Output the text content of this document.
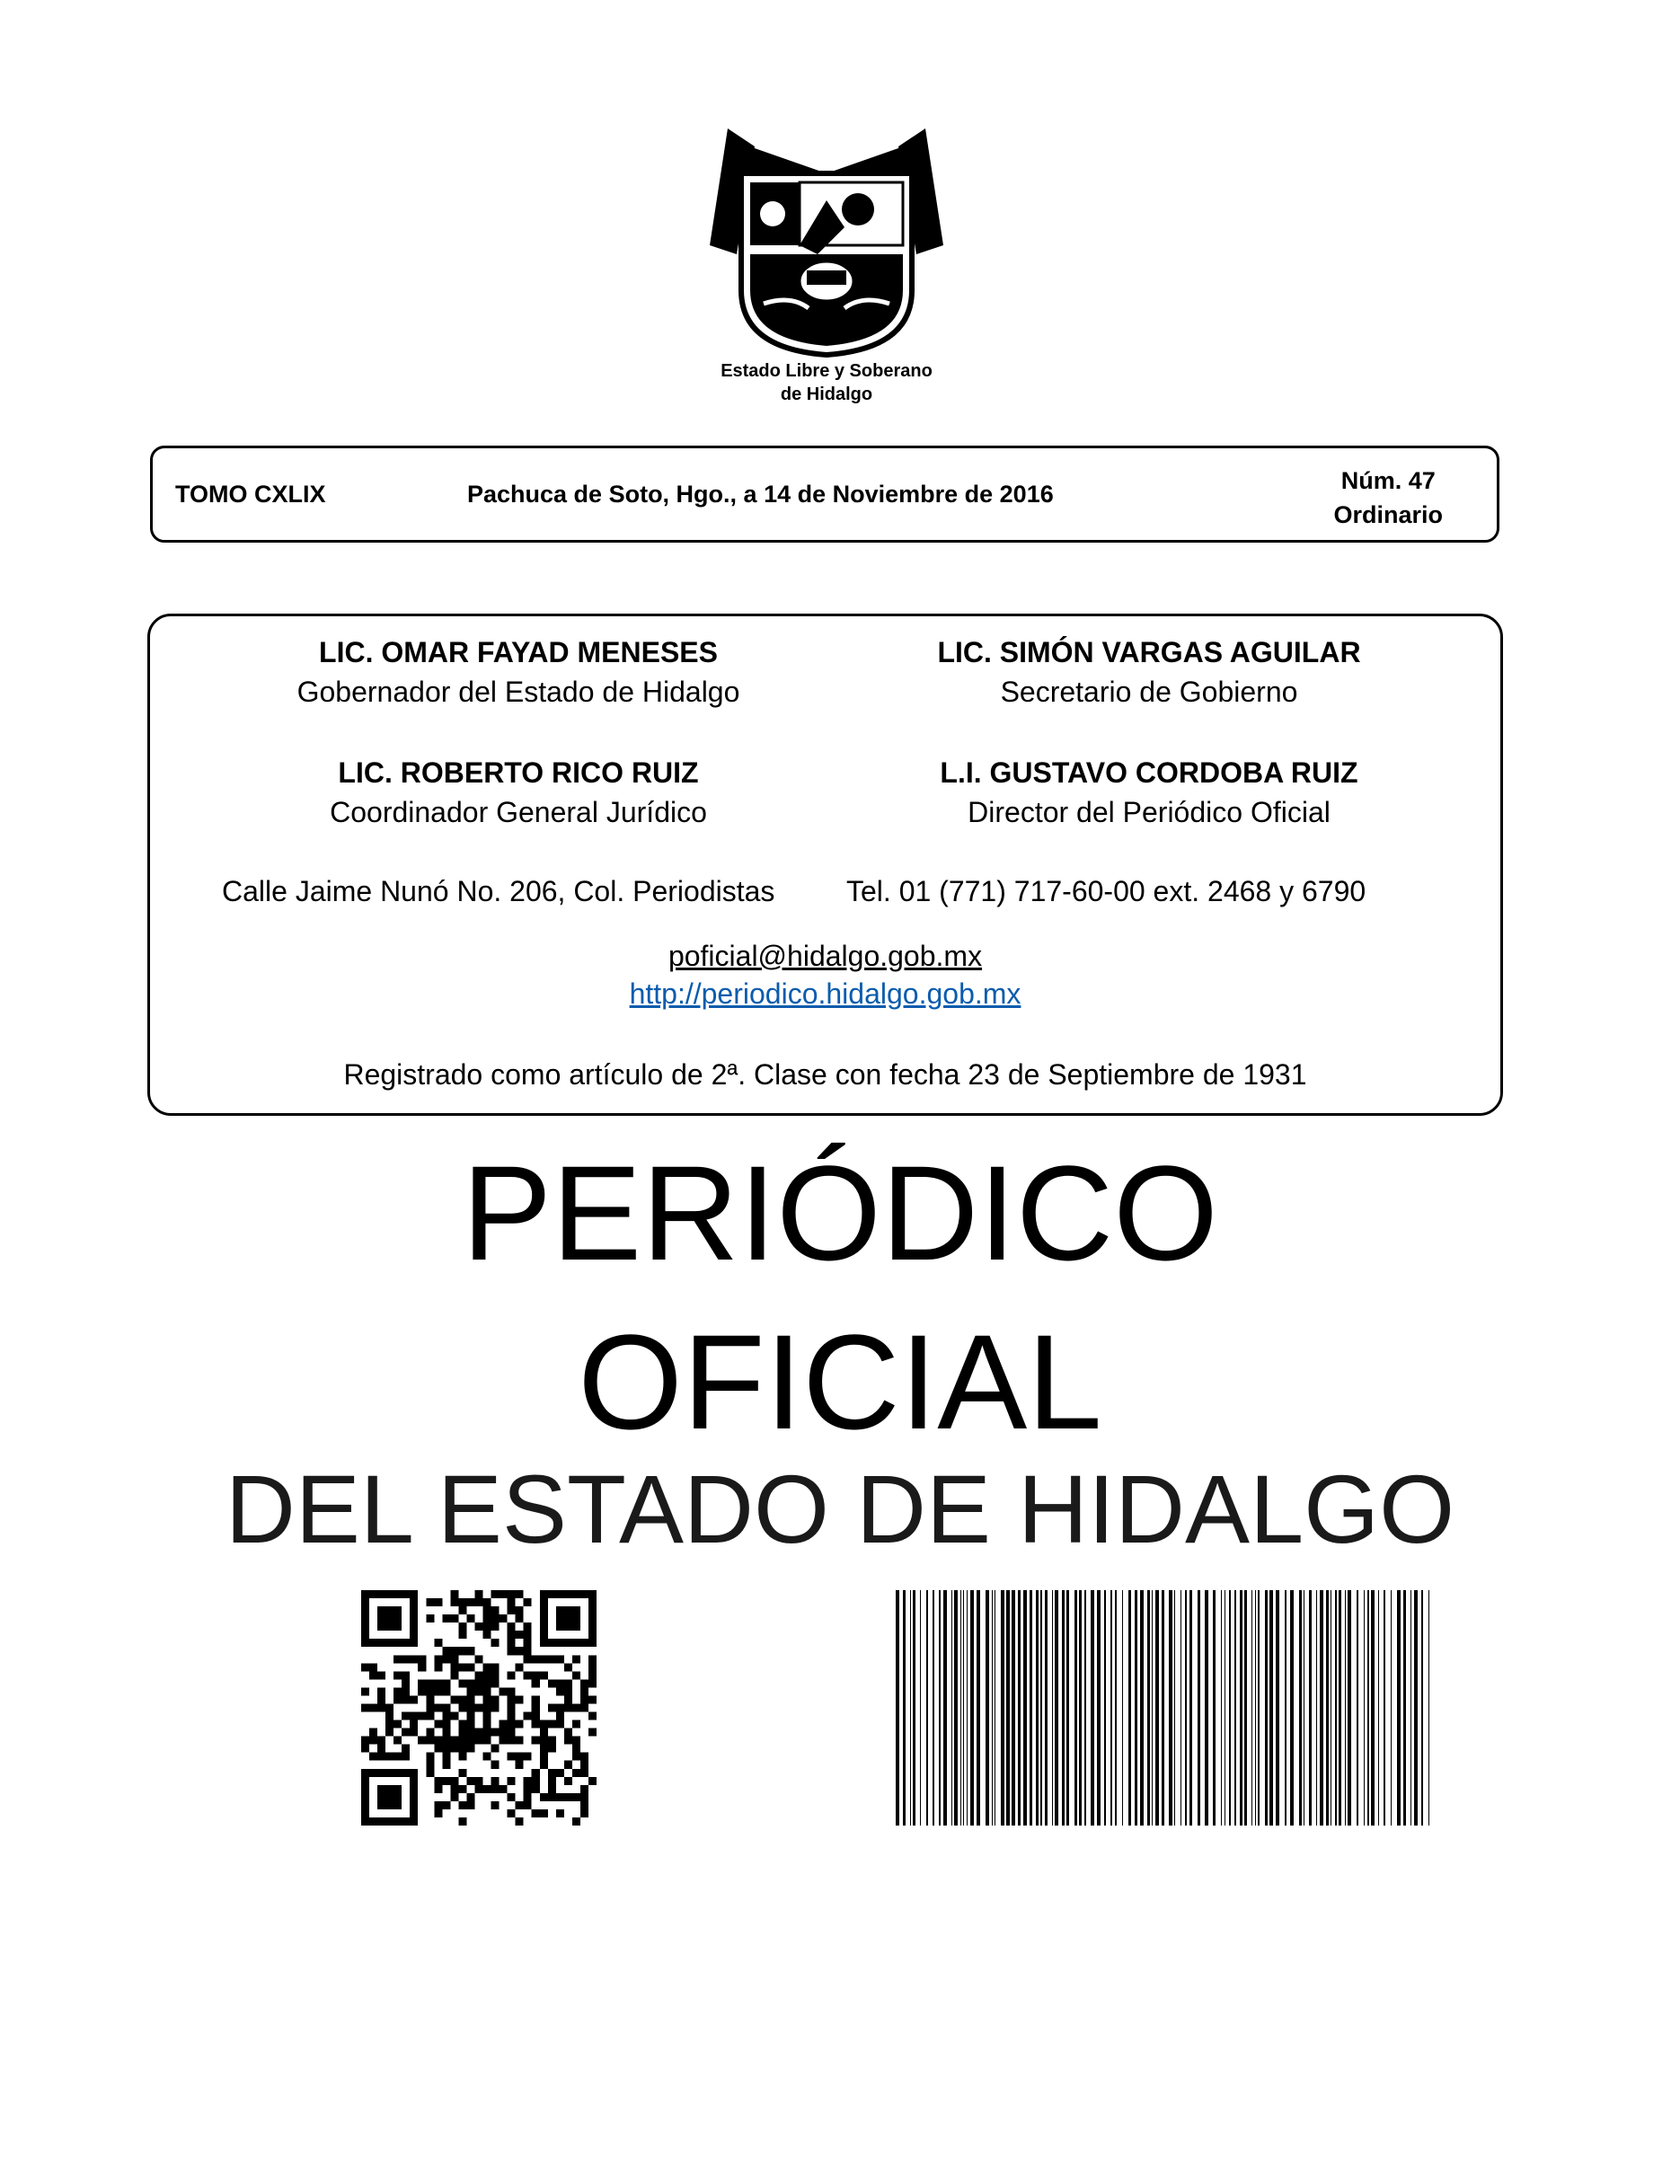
Estado Libre y Soberano
de Hidalgo
TOMO CXLIX	Pachuca de Soto, Hgo., a 14 de Noviembre de 2016	Núm. 47
Ordinario
LIC. OMAR FAYAD MENESES
Gobernador del Estado de Hidalgo
LIC. SIMÓN VARGAS AGUILAR
Secretario de Gobierno
LIC. ROBERTO RICO RUIZ
Coordinador General Jurídico
L.I. GUSTAVO CORDOBA RUIZ
Director del Periódico Oficial
Calle Jaime Nunó No. 206, Col. Periodistas Tel. 01 (771) 717-60-00 ext. 2468 y 6790
poficial@hidalgo.gob.mx
http://periodico.hidalgo.gob.mx
Registrado como artículo de 2ª. Clase con fecha 23 de Septiembre de 1931
PERIÓDICO
OFICIAL
DEL ESTADO DE HIDALGO
